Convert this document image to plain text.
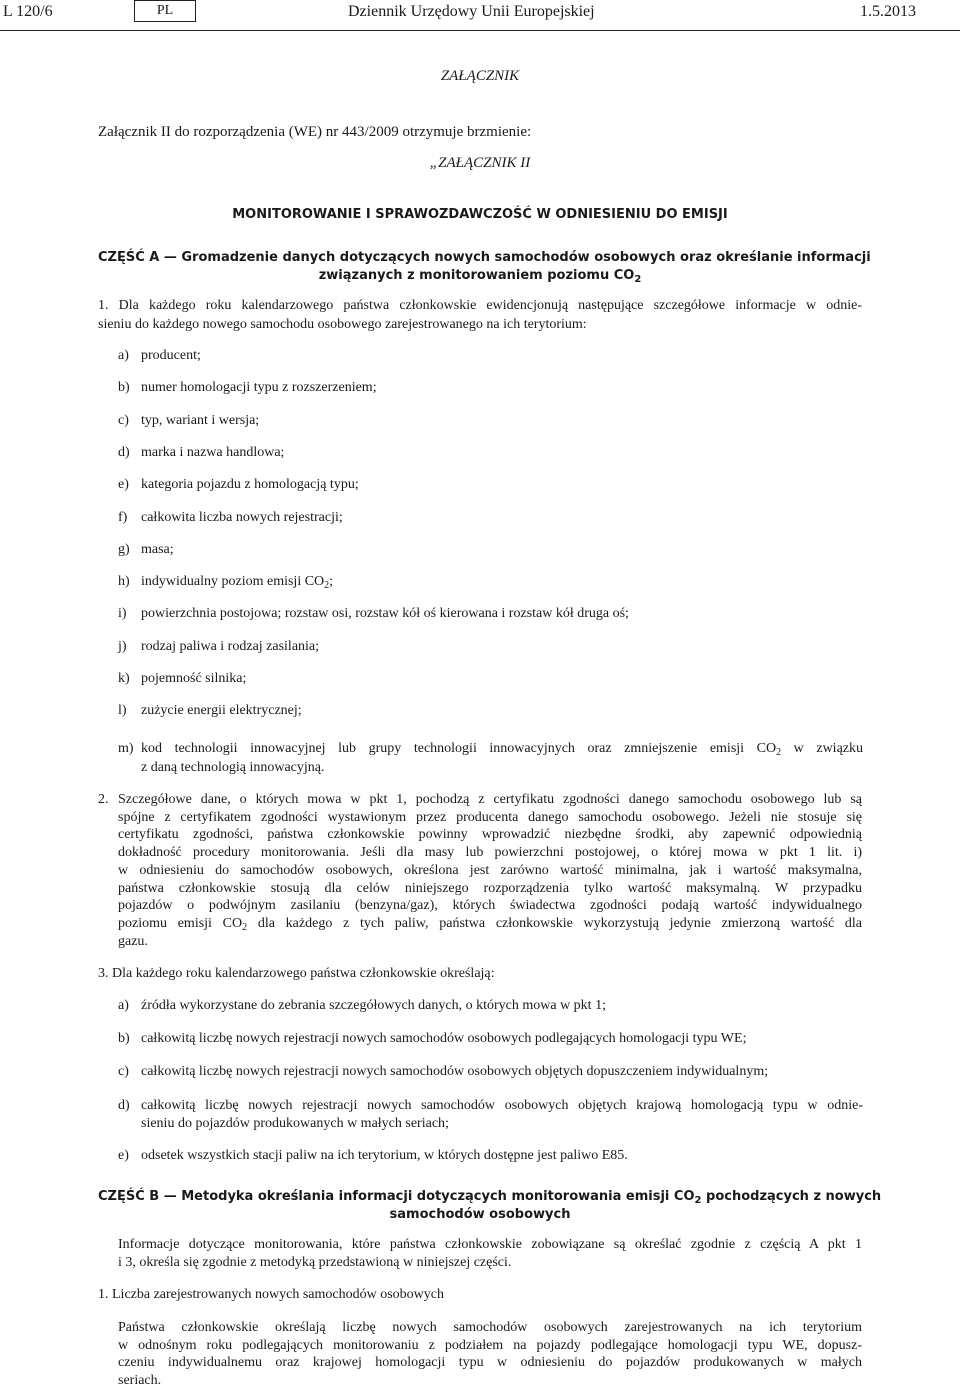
L 120/6	PL	Dziennik Urzędowy Unii Europejskiej	1.5.2013
ZAŁĄCZNIK
Załącznik II do rozporządzenia (WE) nr 443/2009 otrzymuje brzmienie:
„ZAŁĄCZNIK II
MONITOROWANIE I SPRAWOZDAWCZOŚĆ W ODNIESIENIU DO EMISJI
CZĘŚĆ A — Gromadzenie danych dotyczących nowych samochodów osobowych oraz określanie informacji
związanych z monitorowaniem poziomu $CO_2$
1. Dla każdego roku kalendarzowego państwa członkowskie ewidencjonują następujące szczegółowe informacje w odnie-
sieniu do każdego nowego samochodu osobowego zarejestrowanego na ich terytorium:
a) producent;
b) numer homologacji typu z rozszerzeniem;
c) typ, wariant i wersja;
d) marka i nazwa handlowa;
e) kategoria pojazdu z homologacją typu;
f) całkowita liczba nowych rejestracji;
g) masa;
h) indywidualny poziom emisji $CO_2$;
i) powierzchnia postojowa; rozstaw osi, rozstaw kół oś kierowana i rozstaw kół druga oś;
j) rodzaj paliwa i rodzaj zasilania;
k) pojemność silnika;
l) zużycie energii elektrycznej;
m) kod technologii innowacyjnej lub grupy technologii innowacyjnych oraz zmniejszenie emisji $CO_2$ w związku
z daną technologią innowacyjną.
2. Szczegółowe dane, o których mowa w pkt 1, pochodzą z certyfikatu zgodności danego samochodu osobowego lub są
spójne z certyfikatem zgodności wystawionym przez producenta danego samochodu osobowego. Jeżeli nie stosuje się
certyfikatu zgodności, państwa członkowskie powinny wprowadzić niezbędne środki, aby zapewnić odpowiednią
dokładność procedury monitorowania. Jeśli dla masy lub powierzchni postojowej, o której mowa w pkt 1 lit. i)
w odniesieniu do samochodów osobowych, określona jest zarówno wartość minimalna, jak i wartość maksymalna,
państwa członkowskie stosują dla celów niniejszego rozporządzenia tylko wartość maksymalną. W przypadku
pojazdów o podwójnym zasilaniu (benzyna/gaz), których świadectwa zgodności podają wartość indywidualnego
poziomu emisji $CO_2$ dla każdego z tych paliw, państwa członkowskie wykorzystują jedynie zmierzoną wartość dla
gazu.
3. Dla każdego roku kalendarzowego państwa członkowskie określają:
a) źródła wykorzystane do zebrania szczegółowych danych, o których mowa w pkt 1;
b) całkowitą liczbę nowych rejestracji nowych samochodów osobowych podlegających homologacji typu WE;
c) całkowitą liczbę nowych rejestracji nowych samochodów osobowych objętych dopuszczeniem indywidualnym;
d) całkowitą liczbę nowych rejestracji nowych samochodów osobowych objętych krajową homologacją typu w odnie-
sieniu do pojazdów produkowanych w małych seriach;
e) odsetek wszystkich stacji paliw na ich terytorium, w których dostępne jest paliwo E85.
CZĘŚĆ B — Metodyka określania informacji dotyczących monitorowania emisji $CO_2$ pochodzących z nowych
samochodów osobowych
Informacje dotyczące monitorowania, które państwa członkowskie zobowiązane są określać zgodnie z częścią A pkt 1
i 3, określa się zgodnie z metodyką przedstawioną w niniejszej części.
1. Liczba zarejestrowanych nowych samochodów osobowych
Państwa członkowskie określają liczbę nowych samochodów osobowych zarejestrowanych na ich terytorium
w odnośnym roku podlegających monitorowaniu z podziałem na pojazdy podlegające homologacji typu WE, dopusz-
czeniu indywidualnemu oraz krajowej homologacji typu w odniesieniu do pojazdów produkowanych w małych
seriach.
